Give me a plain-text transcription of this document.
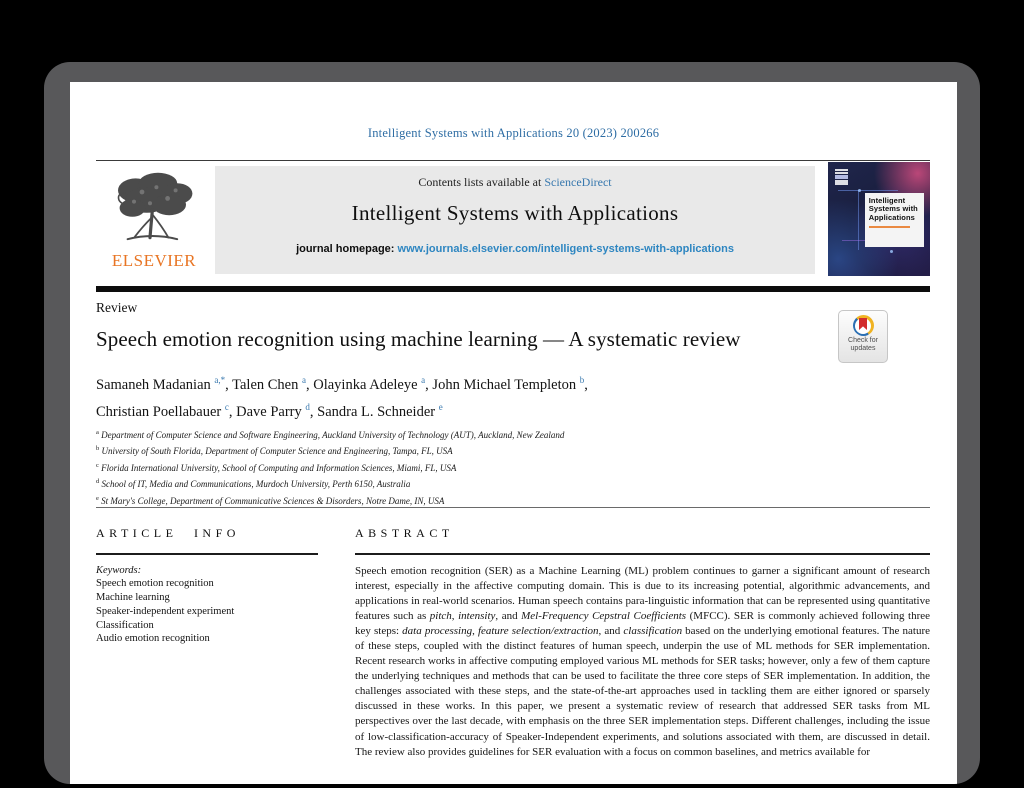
Intelligent Systems with Applications 20 (2023) 200266
ELSEVIER
Contents lists available at ScienceDirect
Intelligent Systems with Applications
journal homepage: www.journals.elsevier.com/intelligent-systems-with-applications
Intelligent Systems with Applications
Review
Speech emotion recognition using machine learning — A systematic review	Check for
updates
Samaneh Madanian $^{a,*}$, Talen Chen $^a$, Olayinka Adeleye $^a$, John Michael Templeton $^b$,
Christian Poellabauer $^c$, Dave Parry $^d$, Sandra L. Schneider $^e$
$^a$ Department of Computer Science and Software Engineering, Auckland University of Technology (AUT), Auckland, New Zealand
$^b$ University of South Florida, Department of Computer Science and Engineering, Tampa, FL, USA
$^c$ Florida International University, School of Computing and Information Sciences, Miami, FL, USA
$^d$ School of IT, Media and Communications, Murdoch University, Perth 6150, Australia
$^e$ St Mary's College, Department of Communicative Sciences & Disorders, Notre Dame, IN, USA
ARTICLE INFO
Keywords:
Speech emotion recognition
Machine learning
Speaker-independent experiment
Classification
Audio emotion recognition
ABSTRACT
Speech emotion recognition (SER) as a Machine Learning (ML) problem continues to garner a significant amount of research interest, especially in the affective computing domain. This is due to its increasing potential, algorithmic advancements, and applications in real-world scenarios. Human speech contains para-linguistic information that can be represented using quantitative features such as pitch, intensity, and Mel-Frequency Cepstral Coefficients (MFCC). SER is commonly achieved following three key steps: data processing, feature selection/extraction, and classification based on the underlying emotional features. The nature of these steps, coupled with the distinct features of human speech, underpin the use of ML methods for SER implementation. Recent research works in affective computing employed various ML methods for SER tasks; however, only a few of them capture the underlying techniques and methods that can be used to facilitate the three core steps of SER implementation. In addition, the challenges associated with these steps, and the state-of-the-art approaches used in tackling them are either ignored or sparsely discussed in these works. In this paper, we present a systematic review of research that addressed SER tasks from ML perspectives over the last decade, with emphasis on the three SER implementation steps. Different challenges, including the issue of low-classification-accuracy of Speaker-Independent experiments, and solutions associated with them, are discussed in detail. The review also provides guidelines for SER evaluation with a focus on common baselines, and metrics available for
